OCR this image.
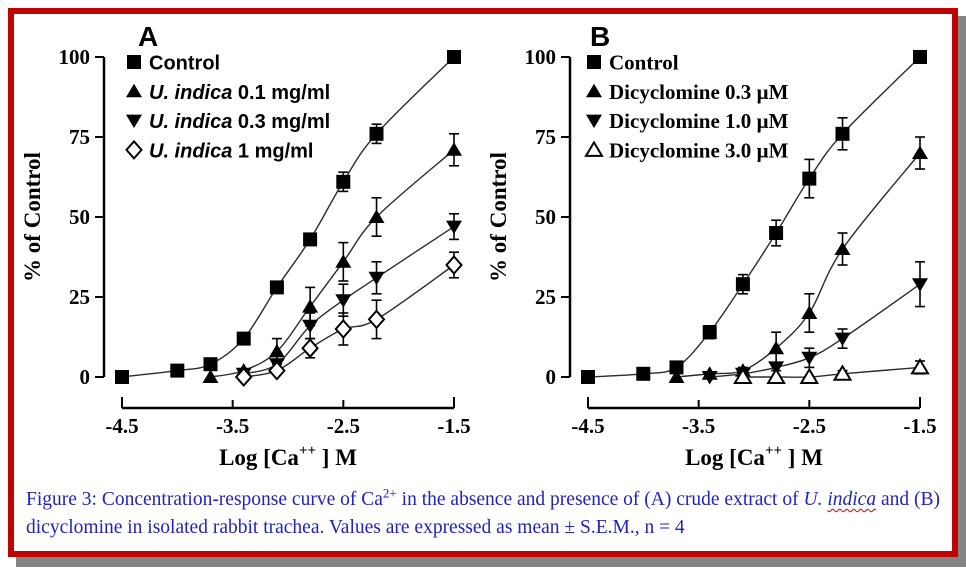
0
25
50
75
100
-4.5	-3.5	-2.5	-1.5
Log [Ca++ ] M
% of Control
A
Control
U. indica 0.1 mg/ml
U. indica 0.3 mg/ml
U. indica 1 mg/ml
0
25
50
75
100
-4.5	-3.5	-2.5	-1.5
Log [Ca++ ] M
% of Control
B
Control
Dicyclomine 0.3 µM
Dicyclomine 1.0 µM
Dicyclomine 3.0 µM
Figure 3: Concentration-response curve of $Ca^{2+}$ in the absence and presence of (A) crude extract of U. indica and (B) dicyclomine in isolated rabbit trachea. Values are expressed as mean ± S.E.M., n = 4
